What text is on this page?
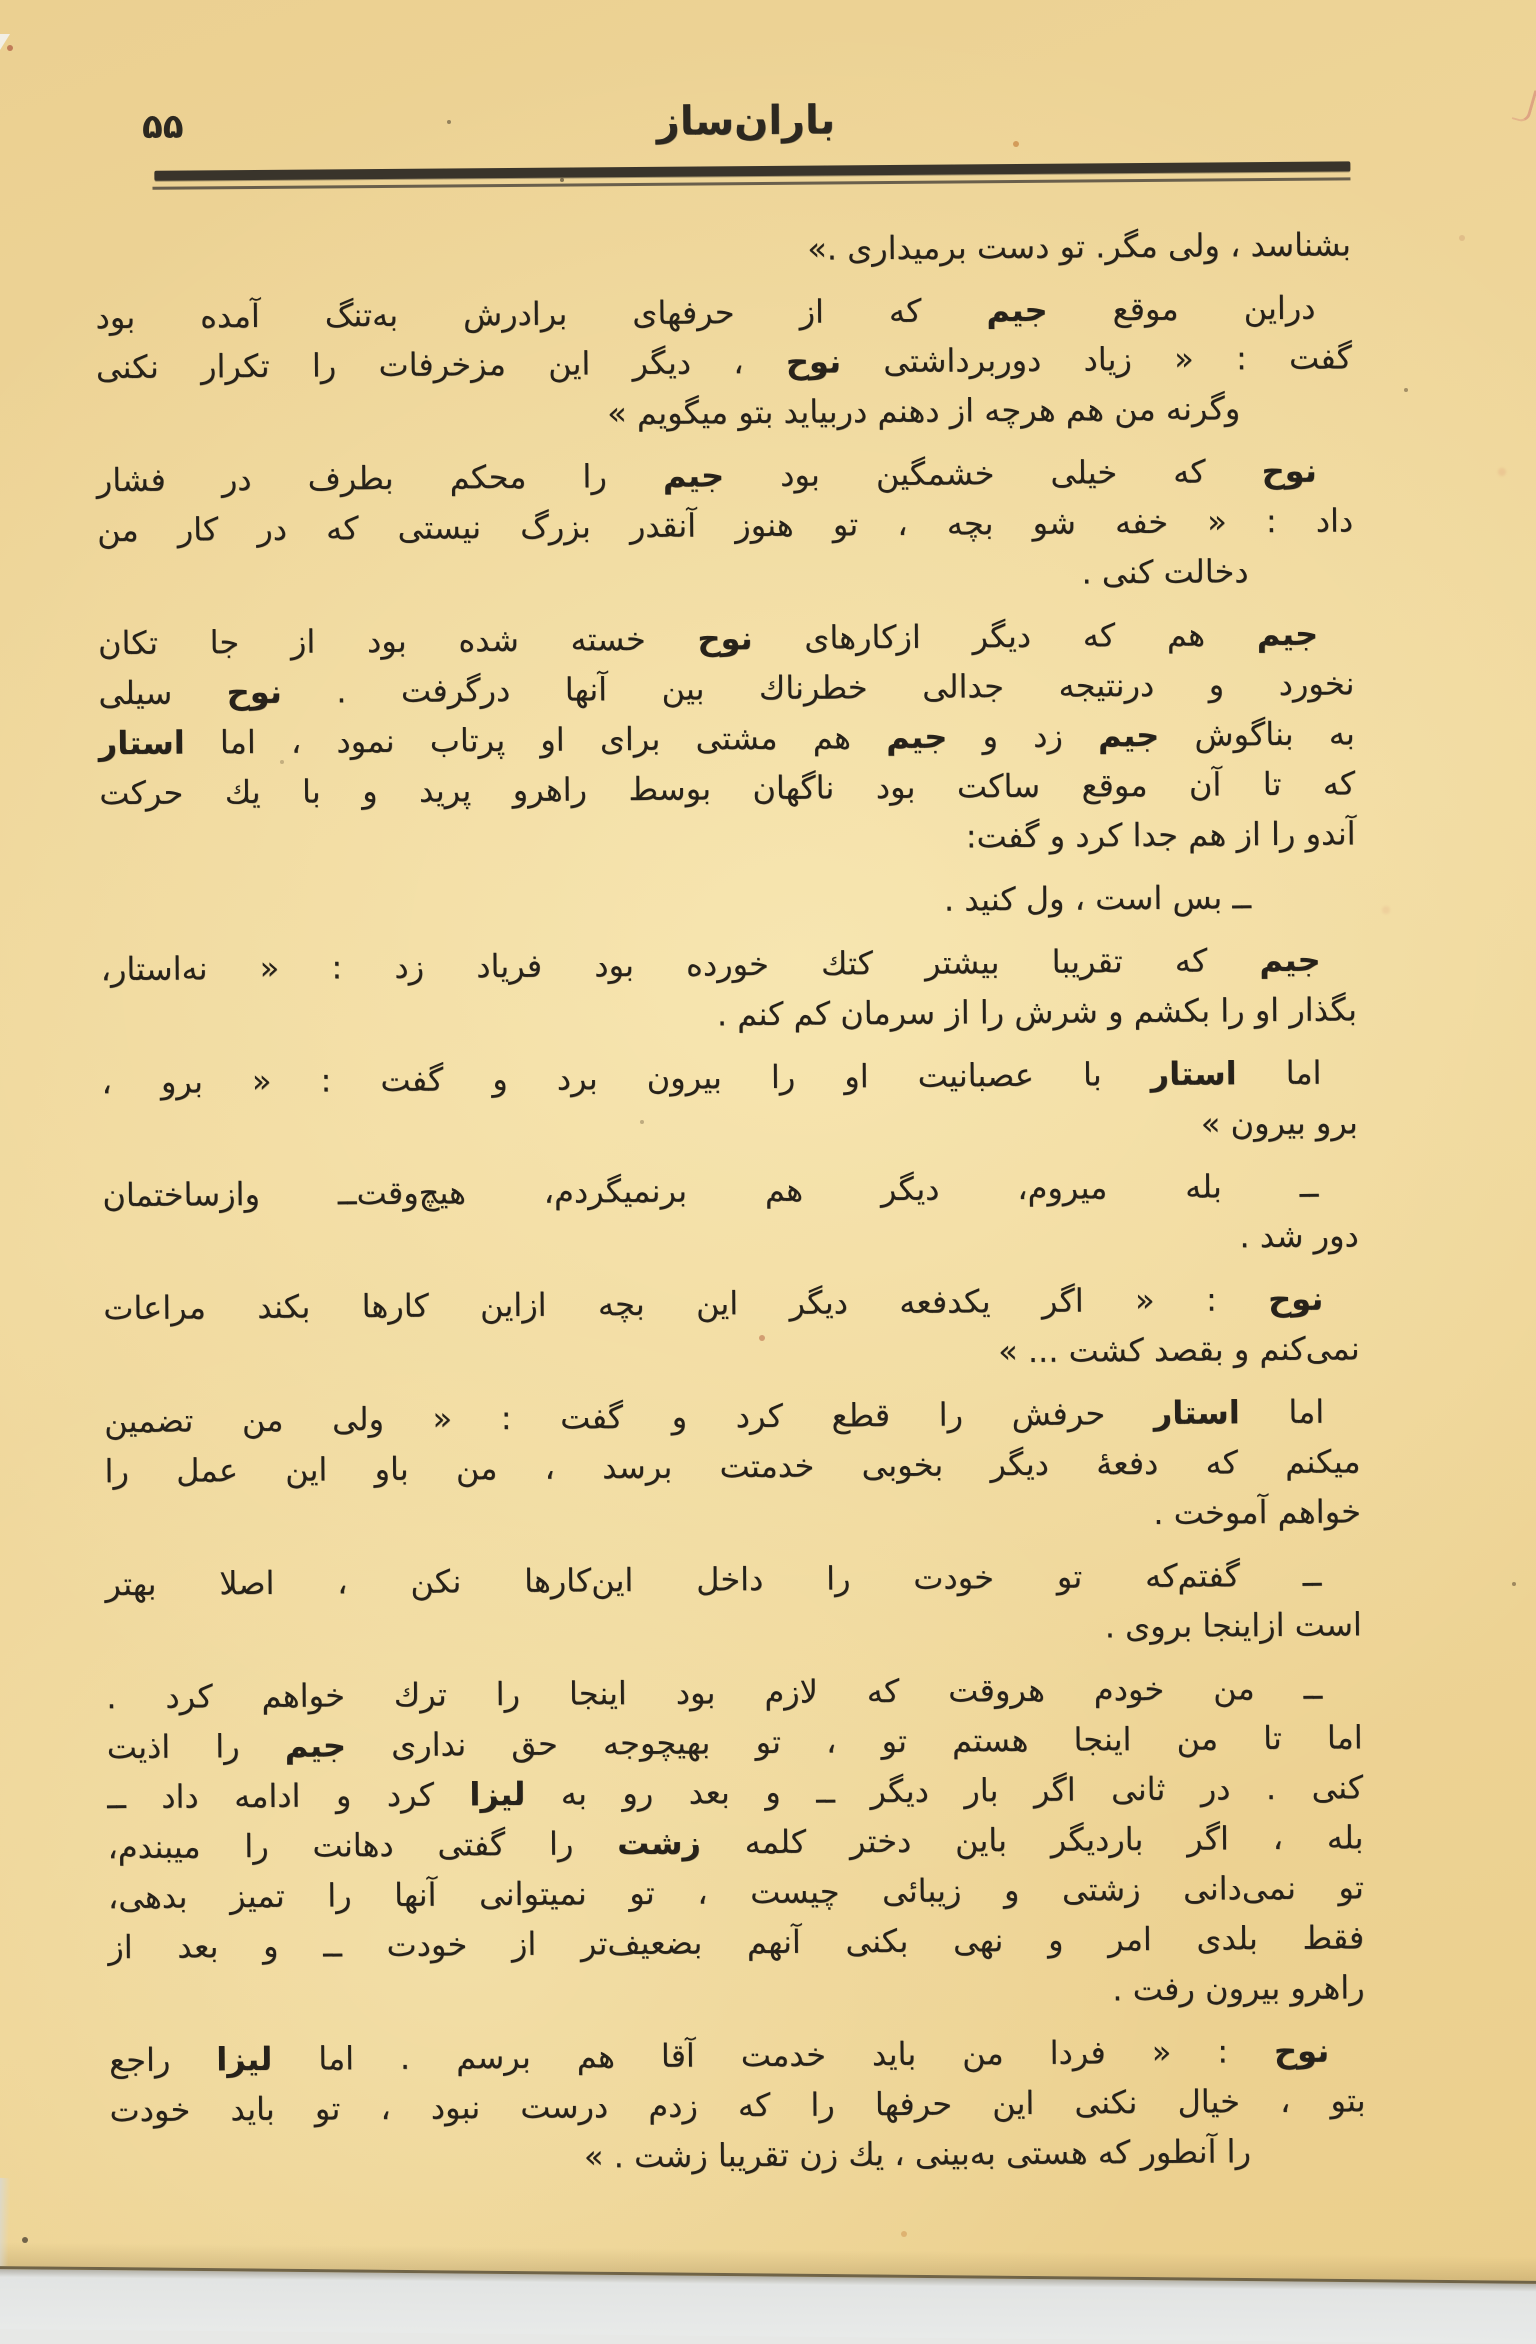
۵۵	باران‌ساز
بشناسد ، ولی مگر. تو دست برمیداری .»
دراین موقع جیم که از حرفهای برادرش به‌تنگ آمده بود
گفت : « زیاد دوربرداشتی نوح ، دیگر این مزخرفات را تکرار نکنی
وگرنه من هم هرچه از دهنم دربیاید بتو میگویم »
نوح که خیلی خشمگین بود جیم را محکم بطرف در فشار
داد : « خفه شو بچه ، تو هنوز آنقدر بزرگ نیستی که در کار من
دخالت کنی .
جیم هم که دیگر ازکارهای نوح خسته شده بود از جا تکان
نخورد و درنتیجه جدالی خطرناك بین آنها درگرفت . نوح سیلی
به بناگوش جیم زد و جیم هم مشتی برای او پرتاب نمود ، اما استار
که تا آن موقع ساکت بود ناگهان بوسط راهرو پرید و با یك حرکت
آندو را از هم جدا کرد و گفت:
ــ بس است ، ول کنید .
جیم که تقریبا بیشتر کتك خورده بود فریاد زد : « نه‌استار،
بگذار او را بکشم و شرش را از سرمان کم کنم .
اما استار با عصبانیت او را بیرون برد و گفت : « برو ،
برو بیرون »
ــ بله میروم، دیگر هم برنمیگردم، هیچ‌وقت‌ــ وازساختمان
دور شد .
نوح : « اگر یکدفعه دیگر این بچه ازاین کارها بکند مراعات
نمی‌کنم و بقصد کشت ... »
اما استار حرفش را قطع کرد و گفت : « ولی من تضمین
میکنم که دفعهٔ دیگر بخوبی خدمتت برسد ، من باو این عمل را
خواهم آموخت .
ــ گفتم‌که تو خودت را داخل این‌کارها نکن ، اصلا بهتر
است ازاینجا بروی .
ــ من خودم هروقت که لازم بود اینجا را ترك خواهم کرد .
اما تا من اینجا هستم تو ، تو بهیچوجه حق نداری جیم را اذیت
کنی . در ثانی اگر بار دیگر ــ و بعد رو به لیزا کرد و ادامه داد ــ
بله ، اگر باردیگر باین دختر کلمه زشت را گفتی دهانت را میبندم،
تو نمی‌دانی زشتی و زیبائی چیست ، تو نمیتوانی آنها را تمیز بدهی،
فقط بلدی امر و نهی بکنی آنهم بضعیف‌تر از خودت ــ و بعد از
راهرو بیرون رفت .
نوح : « فردا من باید خدمت آقا هم برسم . اما لیزا راجع
بتو ، خیال نکنی این حرفها را که زدم درست نبود ، تو باید خودت
را آنطور که هستی به‌بینی ، یك زن تقریبا زشت . »
